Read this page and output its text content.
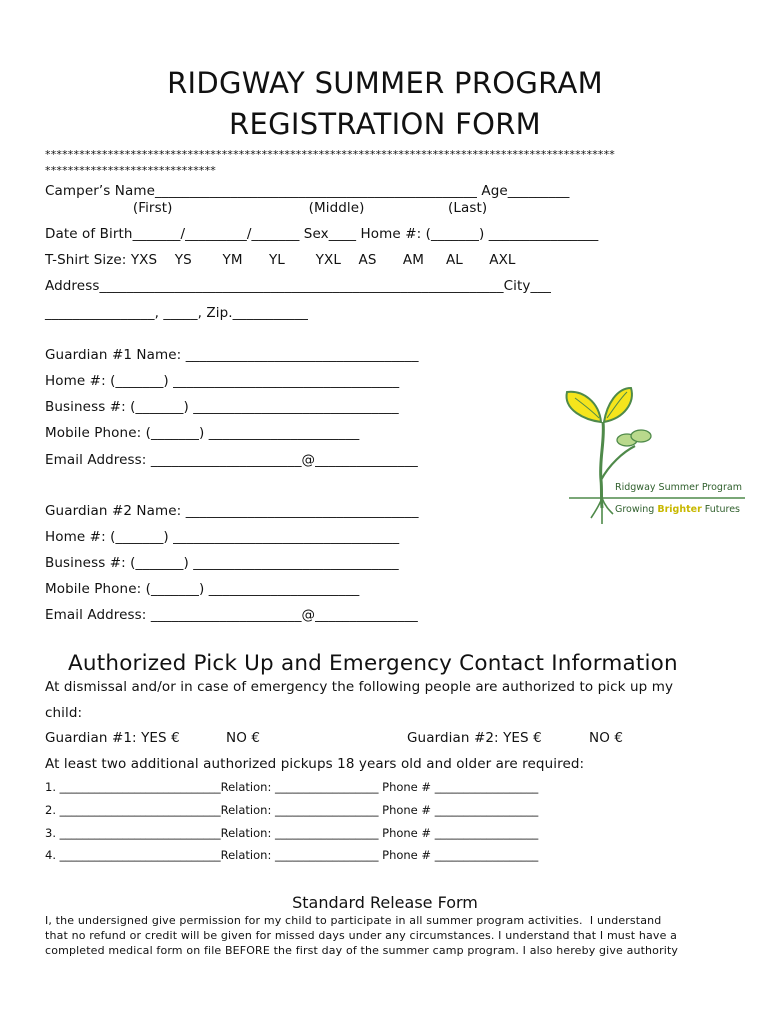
RIDGWAY SUMMER PROGRAM
REGISTRATION FORM
****************************************************************************************************
******************************
Camper’s Name_______________________________________________ Age_________
(First)                               (Middle)                   (Last)
Date of Birth_______/_________/_______ Sex____ Home #: (_______) ________________
T-Shirt Size: YXS    YS       YM      YL       YXL    AS      AM     AL      AXL
Address___________________________________________________________City___
________________, _____, Zip.___________
Guardian #1 Name: __________________________________
Home #: (_______) _________________________________
Business #: (_______) ______________________________
Mobile Phone: (_______) ______________________
Email Address: ______________________@_______________
Guardian #2 Name: __________________________________
Home #: (_______) _________________________________
Business #: (_______) ______________________________
Mobile Phone: (_______) ______________________
Email Address: ______________________@_______________
Ridgway Summer Program
Growing Brighter Futures
Authorized Pick Up and Emergency Contact Information
At dismissal and/or in case of emergency the following people are authorized to pick up my
child:
Guardian #1: YES €	NO €	Guardian #2: YES €	NO €
At least two additional authorized pickups 18 years old and older are required:
1. ____________________________Relation: __________________ Phone # __________________
2. ____________________________Relation: __________________ Phone # __________________
3. ____________________________Relation: __________________ Phone # __________________
4. ____________________________Relation: __________________ Phone # __________________
Standard Release Form
I, the undersigned give permission for my child to participate in all summer program activities.  I understand
that no refund or credit will be given for missed days under any circumstances. I understand that I must have a
completed medical form on file BEFORE the first day of the summer camp program. I also hereby give authority
